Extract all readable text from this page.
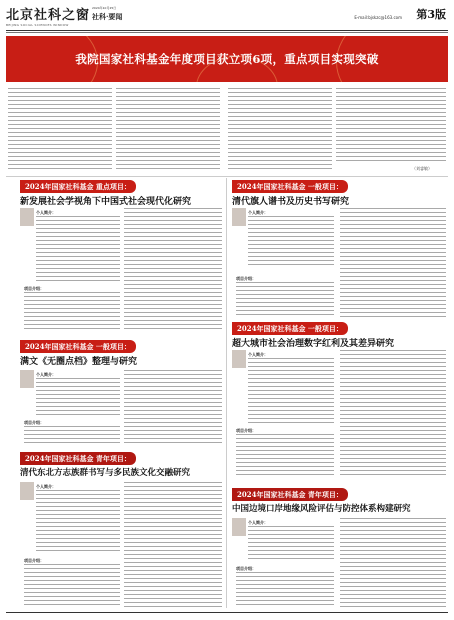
北京社科之窗
BEIJING SOCIAL SCIENCES WINDOW
2024年10月25日
社科·要闻	E-mail:bjskzc@163.com 第3版
我院国家社科基金年度项目获立项6项，重点项目实现突破
（刘睿敏）
2024年国家社科基金 重点项目：
新发展社会学视角下中国式社会现代化研究
个人简介：
项目介绍：
2024年国家社科基金 一般项目：
清代旗人谱书及历史书写研究
个人简介：
项目介绍：
2024年国家社科基金 一般项目：
满文《无圈点档》整理与研究
个人简介：
项目介绍：
2024年国家社科基金 一般项目：
超大城市社会治理数字红利及其差异研究
个人简介：
项目介绍：
2024年国家社科基金 青年项目：
清代东北方志族群书写与多民族文化交融研究
个人简介：
项目介绍：
2024年国家社科基金 青年项目：
中国边境口岸地缘风险评估与防控体系构建研究
个人简介：
项目介绍：
